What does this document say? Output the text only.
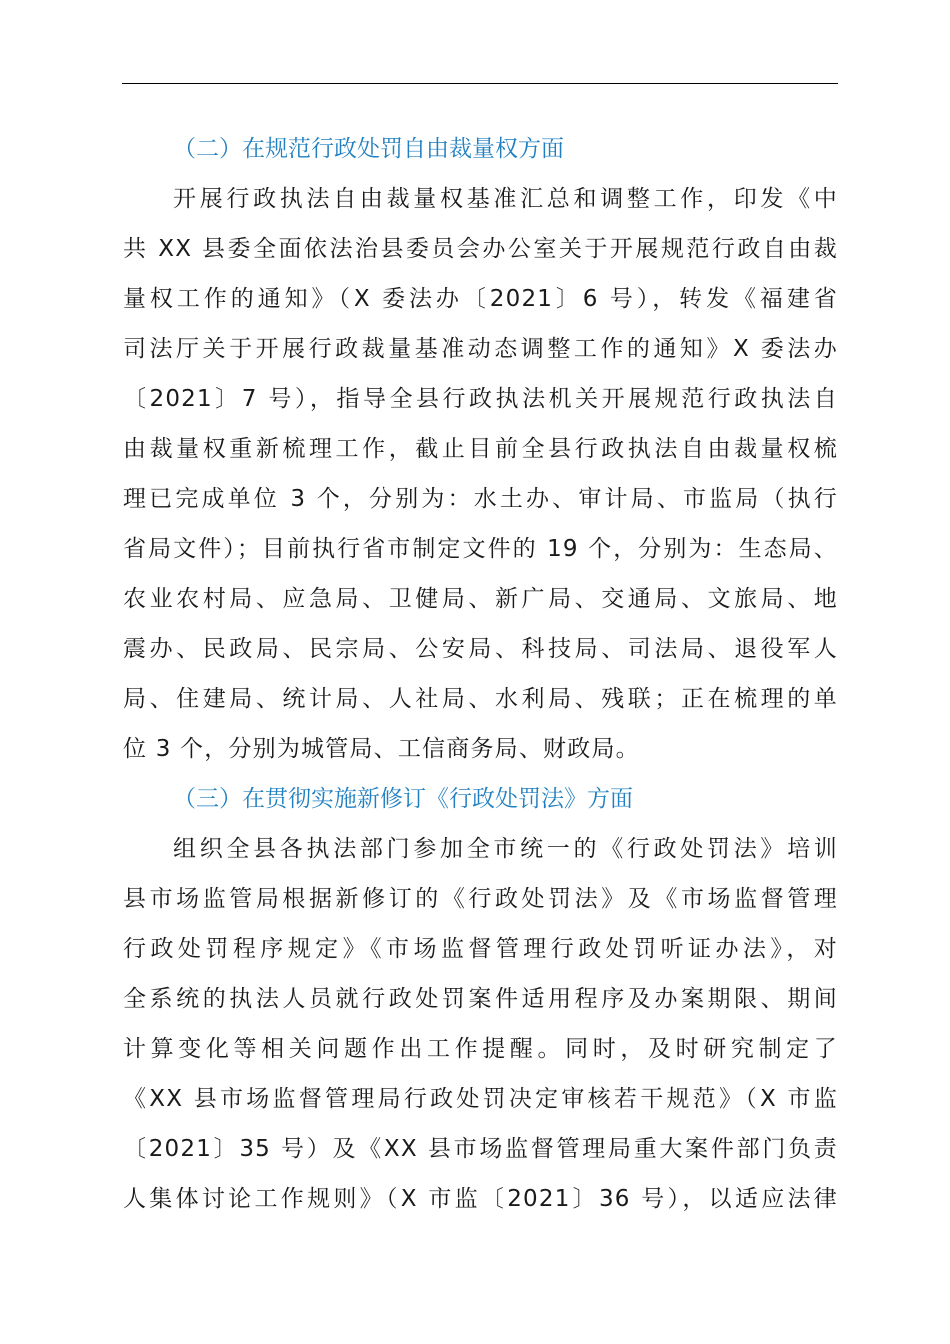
（二）在规范行政处罚自由裁量权方面
开展行政执法自由裁量权基准汇总和调整工作，印发《中
共 XX 县委全面依法治县委员会办公室关于开展规范行政自由裁
量权工作的通知》（X 委法办〔2021〕6 号），转发《福建省
司法厅关于开展行政裁量基准动态调整工作的通知》X 委法办
〔2021〕7 号），指导全县行政执法机关开展规范行政执法自
由裁量权重新梳理工作，截止目前全县行政执法自由裁量权梳
理已完成单位 3 个，分别为：水土办、审计局、市监局（执行
省局文件）；目前执行省市制定文件的 19 个，分别为：生态局、
农业农村局、应急局、卫健局、新广局、交通局、文旅局、地
震办、民政局、民宗局、公安局、科技局、司法局、退役军人
局、住建局、统计局、人社局、水利局、残联；正在梳理的单
位 3 个，分别为城管局、工信商务局、财政局。
（三）在贯彻实施新修订《行政处罚法》方面
组织全县各执法部门参加全市统一的《行政处罚法》培训
县市场监管局根据新修订的《行政处罚法》及《市场监督管理
行政处罚程序规定》《市场监督管理行政处罚听证办法》，对
全系统的执法人员就行政处罚案件适用程序及办案期限、期间
计算变化等相关问题作出工作提醒。同时，及时研究制定了
《XX 县市场监督管理局行政处罚决定审核若干规范》（X 市监
〔2021〕35 号）及《XX 县市场监督管理局重大案件部门负责
人集体讨论工作规则》（X 市监〔2021〕36 号），以适应法律
